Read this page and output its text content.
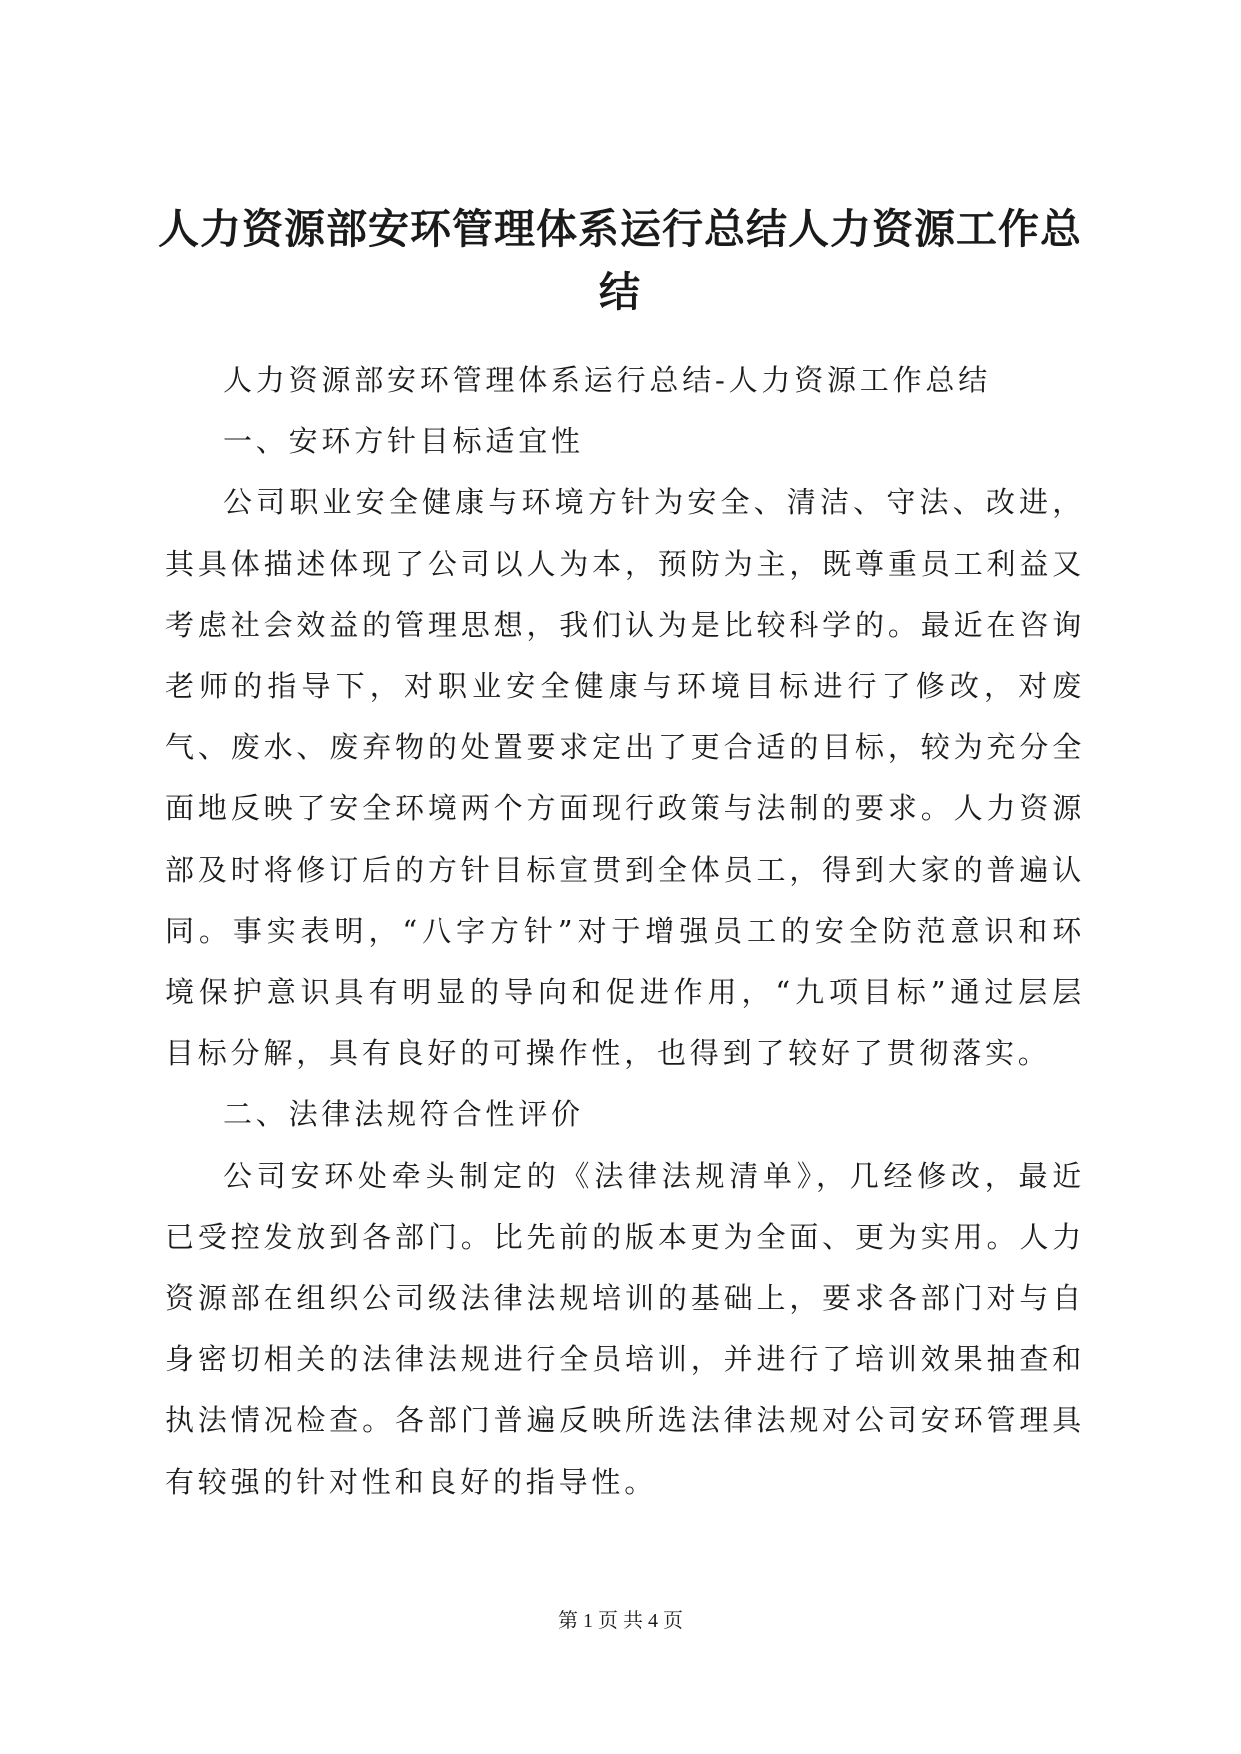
人力资源部安环管理体系运行总结人力资源工作总结

人力资源部安环管理体系运行总结-人力资源工作总结

一、安环方针目标适宜性

公司职业安全健康与环境方针为安全、清洁、守法、改进，其具体描述体现了公司以人为本，预防为主，既尊重员工利益又考虑社会效益的管理思想，我们认为是比较科学的。最近在咨询老师的指导下，对职业安全健康与环境目标进行了修改，对废气、废水、废弃物的处置要求定出了更合适的目标，较为充分全面地反映了安全环境两个方面现行政策与法制的要求。人力资源部及时将修订后的方针目标宣贯到全体员工，得到大家的普遍认同。事实表明，“八字方针”对于增强员工的安全防范意识和环境保护意识具有明显的导向和促进作用，“九项目标”通过层层目标分解，具有良好的可操作性，也得到了较好了贯彻落实。

二、法律法规符合性评价

公司安环处牵头制定的《法律法规清单》，几经修改，最近已受控发放到各部门。比先前的版本更为全面、更为实用。人力资源部在组织公司级法律法规培训的基础上，要求各部门对与自身密切相关的法律法规进行全员培训，并进行了培训效果抽查和执法情况检查。各部门普遍反映所选法律法规对公司安环管理具有较强的针对性和良好的指导性。

第 1 页 共 4 页
